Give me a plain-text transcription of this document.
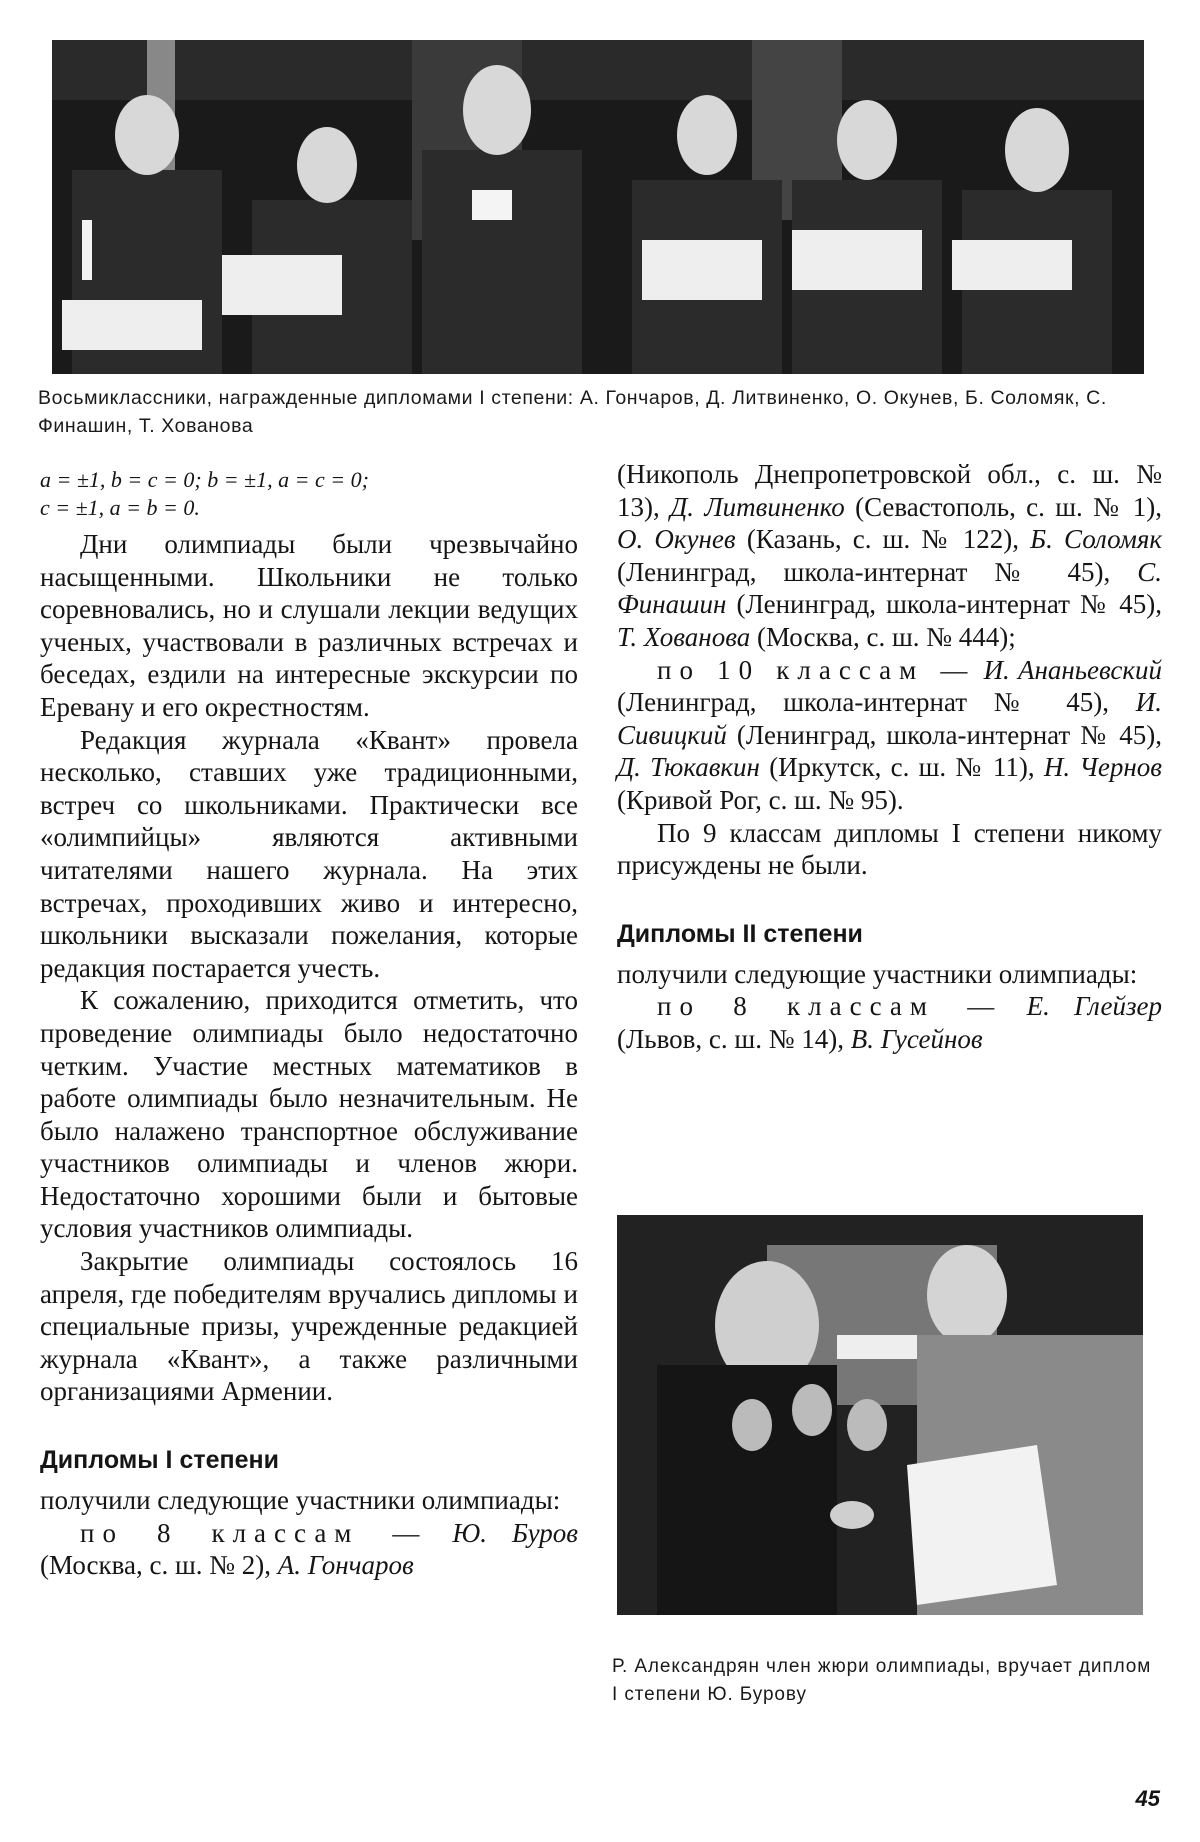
Восьмиклассники, награжденные дипломами I степени: А. Гончаров, Д. Литвиненко, О. Окунев, Б. Соломяк, С. Финашин, Т. Хованова
a = ±1, b = c = 0; b = ±1, a = c = 0;
c = ±1, a = b = 0.

Дни олимпиады были чрезвычайно насыщенными. Школьники не только соревновались, но и слушали лекции ведущих ученых, участвовали в различных встречах и беседах, ездили на интересные экскурсии по Еревану и его окрестностям.

Редакция журнала «Квант» провела несколько, ставших уже традиционными, встреч со школьниками. Практически все «олимпийцы» являются активными читателями нашего журнала. На этих встречах, проходивших живо и интересно, школьники высказали пожелания, которые редакция постарается учесть.

К сожалению, приходится отметить, что проведение олимпиады было недостаточно четким. Участие местных математиков в работе олимпиады было незначительным. Не было налажено транспортное обслуживание участников олимпиады и членов жюри. Недостаточно хорошими были и бытовые условия участников олимпиады.

Закрытие олимпиады состоялось 16 апреля, где победителям вручались дипломы и специальные призы, учрежденные редакцией журнала «Квант», а также различными организациями Армении.

Дипломы I степени

получили следующие участники олимпиады:

по 8 классам — Ю. Буров (Москва, с. ш. № 2), А. Гончаров

(Никополь Днепропетровской обл., с. ш. № 13), Д. Литвиненко (Севастополь, с. ш. № 1), О. Окунев (Казань, с. ш. № 122), Б. Соломяк (Ленинград, школа-интернат № 45), С. Финашин (Ленинград, школа-интернат № 45), Т. Хованова (Москва, с. ш. № 444);

по 10 классам — И. Ананьевский (Ленинград, школа-интернат № 45), И. Сивицкий (Ленинград, школа-интернат № 45), Д. Тюкавкин (Иркутск, с. ш. № 11), Н. Чернов (Кривой Рог, с. ш. № 95).

По 9 классам дипломы I степени никому присуждены не были.

Дипломы II степени

получили следующие участники олимпиады:

по 8 классам — Е. Глейзер (Львов, с. ш. № 14), В. Гусейнов

Р. Александрян член жюри олимпиады, вручает диплом I степени Ю. Бурову
45
